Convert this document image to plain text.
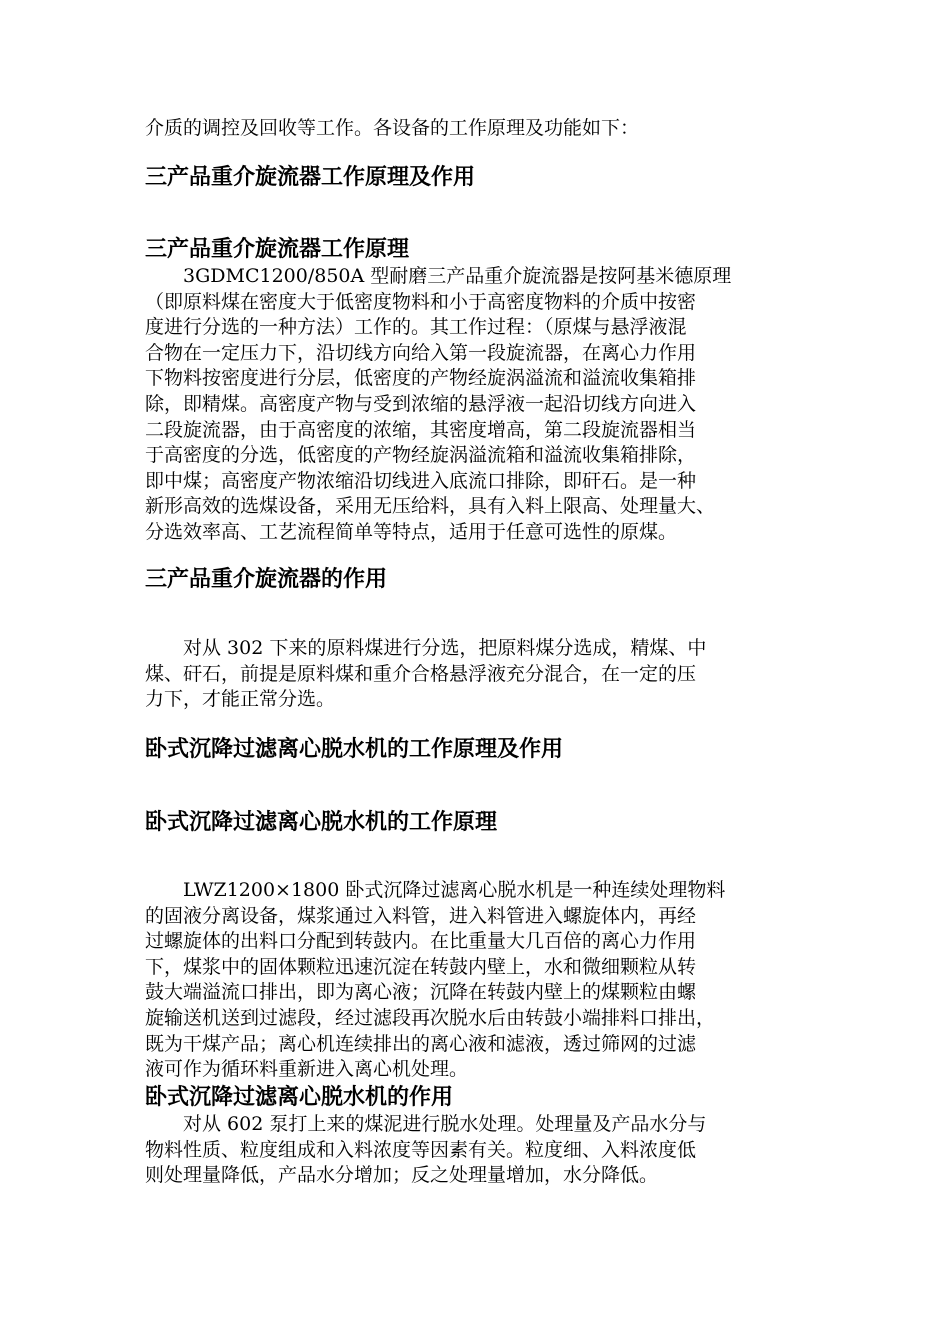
介质的调控及回收等工作。各设备的工作原理及功能如下：

三产品重介旋流器工作原理及作用
三产品重介旋流器工作原理

　　3GDMC1200/850A 型耐磨三产品重介旋流器是按阿基米德原理
（即原料煤在密度大于低密度物料和小于高密度物料的介质中按密
度进行分选的一种方法）工作的。其工作过程：（原煤与悬浮液混
合物在一定压力下，沿切线方向给入第一段旋流器，在离心力作用
下物料按密度进行分层，低密度的产物经旋涡溢流和溢流收集箱排
除，即精煤。高密度产物与受到浓缩的悬浮液一起沿切线方向进入
二段旋流器，由于高密度的浓缩，其密度增高，第二段旋流器相当
于高密度的分选，低密度的产物经旋涡溢流箱和溢流收集箱排除，
即中煤；高密度产物浓缩沿切线进入底流口排除，即矸石。是一种
新形高效的选煤设备，采用无压给料，具有入料上限高、处理量大、
分选效率高、工艺流程简单等特点，适用于任意可选性的原煤。

三产品重介旋流器的作用

　　对从 302 下来的原料煤进行分选，把原料煤分选成，精煤、中
煤、矸石，前提是原料煤和重介合格悬浮液充分混合，在一定的压
力下，才能正常分选。

卧式沉降过滤离心脱水机的工作原理及作用
卧式沉降过滤离心脱水机的工作原理

　　LWZ1200×1800 卧式沉降过滤离心脱水机是一种连续处理物料
的固液分离设备，煤浆通过入料管，进入料管进入螺旋体内，再经
过螺旋体的出料口分配到转鼓内。在比重量大几百倍的离心力作用
下，煤浆中的固体颗粒迅速沉淀在转鼓内壁上，水和微细颗粒从转
鼓大端溢流口排出，即为离心液；沉降在转鼓内壁上的煤颗粒由螺
旋输送机送到过滤段，经过滤段再次脱水后由转鼓小端排料口排出，
既为干煤产品；离心机连续排出的离心液和滤液，透过筛网的过滤
液可作为循环料重新进入离心机处理。

卧式沉降过滤离心脱水机的作用

　　对从 602 泵打上来的煤泥进行脱水处理。处理量及产品水分与
物料性质、粒度组成和入料浓度等因素有关。粒度细、入料浓度低
则处理量降低，产品水分增加；反之处理量增加，水分降低。
